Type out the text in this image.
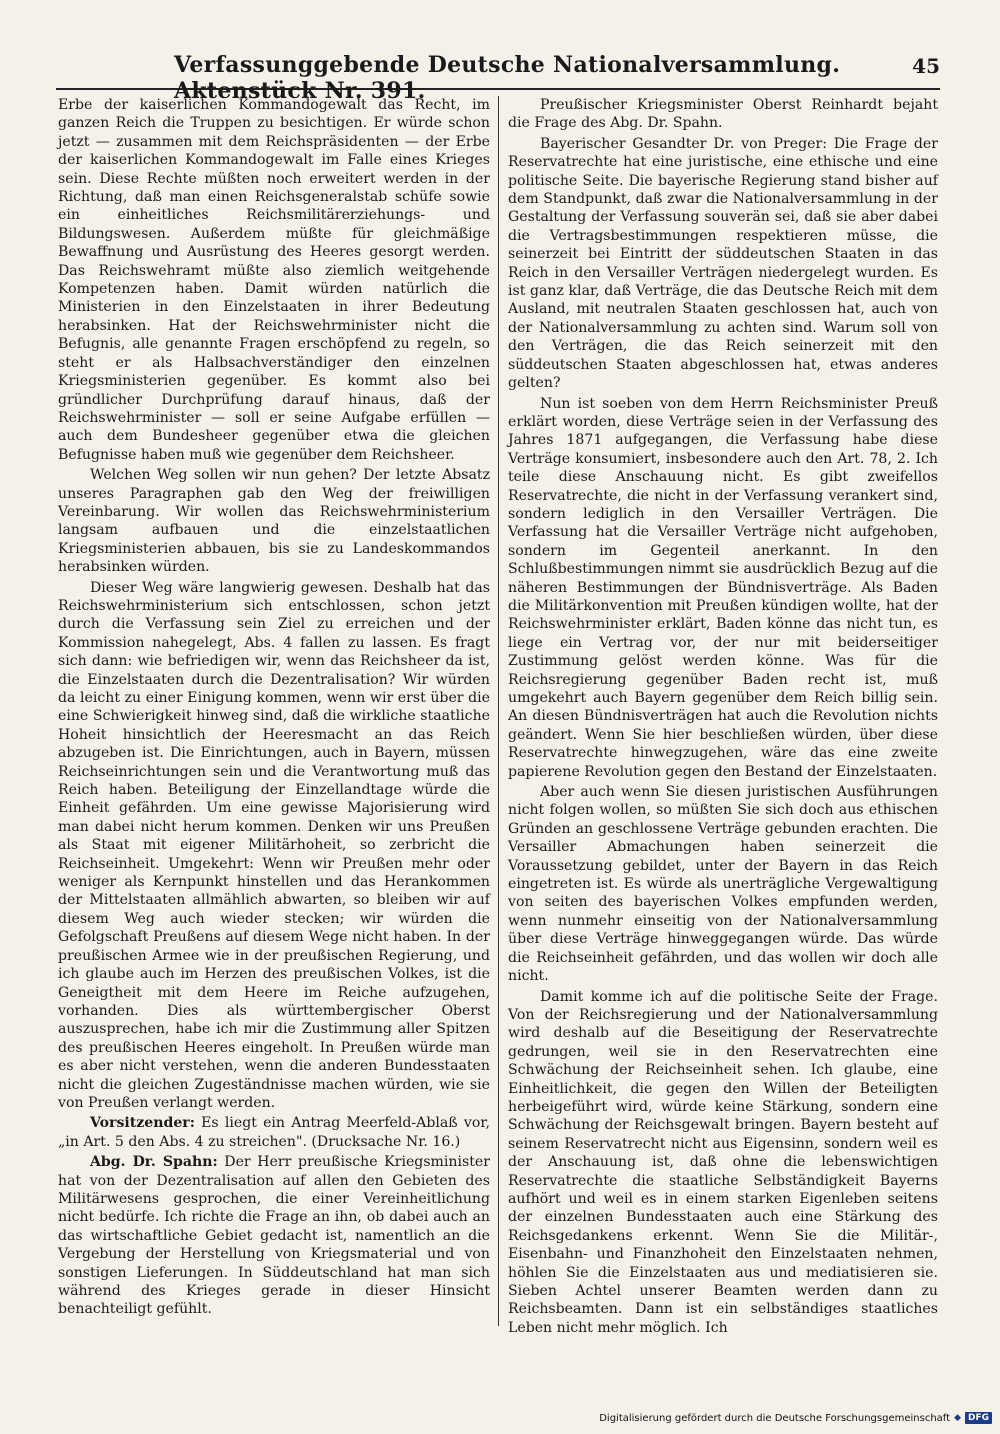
Verfassunggebende Deutsche Nationalversammlung. Aktenstück Nr. 391.
45

Erbe der kaiserlichen Kommandogewalt das Recht, im ganzen Reich die Truppen zu besichtigen. Er würde schon jetzt — zusammen mit dem Reichspräsidenten — der Erbe der kaiserlichen Kommandogewalt im Falle eines Krieges sein. Diese Rechte müßten noch erweitert werden in der Richtung, daß man einen Reichsgeneralstab schüfe sowie ein einheitliches Reichsmilitärerziehungs- und Bildungswesen. Außerdem müßte für gleichmäßige Bewaffnung und Ausrüstung des Heeres gesorgt werden. Das Reichswehramt müßte also ziemlich weitgehende Kompetenzen haben. Damit würden natürlich die Ministerien in den Einzelstaaten in ihrer Bedeutung herabsinken. Hat der Reichswehrminister nicht die Befugnis, alle genannte Fragen erschöpfend zu regeln, so steht er als Halbsachverständiger den einzelnen Kriegsministerien gegenüber. Es kommt also bei gründlicher Durchprüfung darauf hinaus, daß der Reichswehrminister — soll er seine Aufgabe erfüllen — auch dem Bundesheer gegenüber etwa die gleichen Befugnisse haben muß wie gegenüber dem Reichsheer.

Welchen Weg sollen wir nun gehen? Der letzte Absatz unseres Paragraphen gab den Weg der freiwilligen Vereinbarung. Wir wollen das Reichswehrministerium langsam aufbauen und die einzelstaatlichen Kriegsministerien abbauen, bis sie zu Landeskommandos herabsinken würden.

Dieser Weg wäre langwierig gewesen. Deshalb hat das Reichswehrministerium sich entschlossen, schon jetzt durch die Verfassung sein Ziel zu erreichen und der Kommission nahegelegt, Abs. 4 fallen zu lassen. Es fragt sich dann: wie befriedigen wir, wenn das Reichsheer da ist, die Einzelstaaten durch die Dezentralisation? Wir würden da leicht zu einer Einigung kommen, wenn wir erst über die eine Schwierigkeit hinweg sind, daß die wirkliche staatliche Hoheit hinsichtlich der Heeresmacht an das Reich abzugeben ist. Die Einrichtungen, auch in Bayern, müssen Reichseinrichtungen sein und die Verantwortung muß das Reich haben. Beteiligung der Einzellandtage würde die Einheit gefährden. Um eine gewisse Majorisierung wird man dabei nicht herum kommen. Denken wir uns Preußen als Staat mit eigener Militärhoheit, so zerbricht die Reichseinheit. Umgekehrt: Wenn wir Preußen mehr oder weniger als Kernpunkt hinstellen und das Herankommen der Mittelstaaten allmählich abwarten, so bleiben wir auf diesem Weg auch wieder stecken; wir würden die Gefolgschaft Preußens auf diesem Wege nicht haben. In der preußischen Armee wie in der preußischen Regierung, und ich glaube auch im Herzen des preußischen Volkes, ist die Geneigtheit mit dem Heere im Reiche aufzugehen, vorhanden. Dies als württembergischer Oberst auszusprechen, habe ich mir die Zustimmung aller Spitzen des preußischen Heeres eingeholt. In Preußen würde man es aber nicht verstehen, wenn die anderen Bundesstaaten nicht die gleichen Zugeständnisse machen würden, wie sie von Preußen verlangt werden.

Vorsitzender: Es liegt ein Antrag Meerfeld-Ablaß vor, „in Art. 5 den Abs. 4 zu streichen". (Drucksache Nr. 16.)

Abg. Dr. Spahn: Der Herr preußische Kriegsminister hat von der Dezentralisation auf allen den Gebieten des Militärwesens gesprochen, die einer Vereinheitlichung nicht bedürfe. Ich richte die Frage an ihn, ob dabei auch an das wirtschaftliche Gebiet gedacht ist, namentlich an die Vergebung der Herstellung von Kriegsmaterial und von sonstigen Lieferungen. In Süddeutschland hat man sich während des Krieges gerade in dieser Hinsicht benachteiligt gefühlt.

Preußischer Kriegsminister Oberst Reinhardt bejaht die Frage des Abg. Dr. Spahn.

Bayerischer Gesandter Dr. von Preger: Die Frage der Reservatrechte hat eine juristische, eine ethische und eine politische Seite. Die bayerische Regierung stand bisher auf dem Standpunkt, daß zwar die Nationalversammlung in der Gestaltung der Verfassung souverän sei, daß sie aber dabei die Vertragsbestimmungen respektieren müsse, die seinerzeit bei Eintritt der süddeutschen Staaten in das Reich in den Versailler Verträgen niedergelegt wurden. Es ist ganz klar, daß Verträge, die das Deutsche Reich mit dem Ausland, mit neutralen Staaten geschlossen hat, auch von der Nationalversammlung zu achten sind. Warum soll von den Verträgen, die das Reich seinerzeit mit den süddeutschen Staaten abgeschlossen hat, etwas anderes gelten?

Nun ist soeben von dem Herrn Reichsminister Preuß erklärt worden, diese Verträge seien in der Verfassung des Jahres 1871 aufgegangen, die Verfassung habe diese Verträge konsumiert, insbesondere auch den Art. 78, 2. Ich teile diese Anschauung nicht. Es gibt zweifellos Reservatrechte, die nicht in der Verfassung verankert sind, sondern lediglich in den Versailler Verträgen. Die Verfassung hat die Versailler Verträge nicht aufgehoben, sondern im Gegenteil anerkannt. In den Schlußbestimmungen nimmt sie ausdrücklich Bezug auf die näheren Bestimmungen der Bündnisverträge. Als Baden die Militärkonvention mit Preußen kündigen wollte, hat der Reichswehrminister erklärt, Baden könne das nicht tun, es liege ein Vertrag vor, der nur mit beiderseitiger Zustimmung gelöst werden könne. Was für die Reichsregierung gegenüber Baden recht ist, muß umgekehrt auch Bayern gegenüber dem Reich billig sein. An diesen Bündnisverträgen hat auch die Revolution nichts geändert. Wenn Sie hier beschließen würden, über diese Reservatrechte hinwegzugehen, wäre das eine zweite papierene Revolution gegen den Bestand der Einzelstaaten.

Aber auch wenn Sie diesen juristischen Ausführungen nicht folgen wollen, so müßten Sie sich doch aus ethischen Gründen an geschlossene Verträge gebunden erachten. Die Versailler Abmachungen haben seinerzeit die Voraussetzung gebildet, unter der Bayern in das Reich eingetreten ist. Es würde als unerträgliche Vergewaltigung von seiten des bayerischen Volkes empfunden werden, wenn nunmehr einseitig von der Nationalversammlung über diese Verträge hinweggegangen würde. Das würde die Reichseinheit gefährden, und das wollen wir doch alle nicht.

Damit komme ich auf die politische Seite der Frage. Von der Reichsregierung und der Nationalversammlung wird deshalb auf die Beseitigung der Reservatrechte gedrungen, weil sie in den Reservatrechten eine Schwächung der Reichseinheit sehen. Ich glaube, eine Einheitlichkeit, die gegen den Willen der Beteiligten herbeigeführt wird, würde keine Stärkung, sondern eine Schwächung der Reichsgewalt bringen. Bayern besteht auf seinem Reservatrecht nicht aus Eigensinn, sondern weil es der Anschauung ist, daß ohne die lebenswichtigen Reservatrechte die staatliche Selbständigkeit Bayerns aufhört und weil es in einem starken Eigenleben seitens der einzelnen Bundesstaaten auch eine Stärkung des Reichsgedankens erkennt. Wenn Sie die Militär-, Eisenbahn- und Finanzhoheit den Einzelstaaten nehmen, höhlen Sie die Einzelstaaten aus und mediatisieren sie. Sieben Achtel unserer Beamten werden dann zu Reichsbeamten. Dann ist ein selbständiges staatliches Leben nicht mehr möglich. Ich

Digitalisierung gefördert durch die Deutsche Forschungsgemeinschaft ◆ DFG
